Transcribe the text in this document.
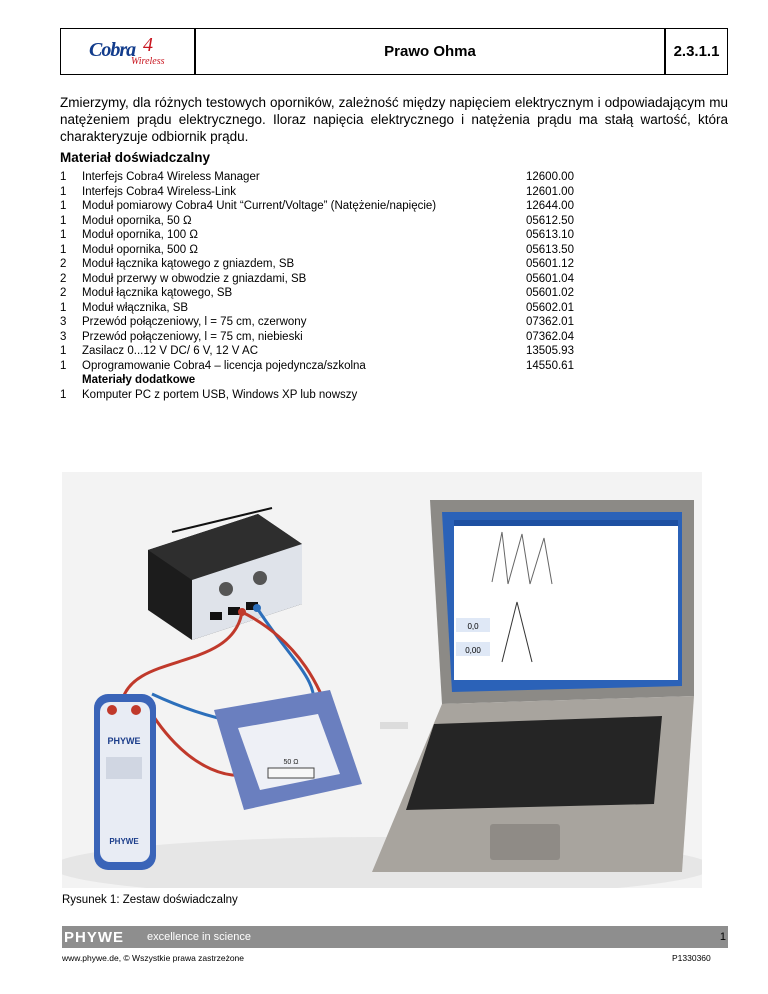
Cobra 4
Wireless
Prawo Ohma	2.3.1.1
Zmierzymy, dla różnych testowych oporników, zależność między napięciem elektrycznym i odpowiadającym mu natężeniem prądu elektrycznego. Iloraz napięcia elektrycznego i natężenia prądu ma stałą wartość, która charakteryzuje odbiornik prądu.
Materiał doświadczalny
1	Interfejs Cobra4 Wireless Manager	12600.00
1	Interfejs Cobra4 Wireless-Link	12601.00
1	Moduł pomiarowy Cobra4 Unit “Current/Voltage” (Natężenie/napięcie)	12644.00
1	Moduł opornika, 50 Ω	05612.50
1	Moduł opornika, 100 Ω	05613.10
1	Moduł opornika, 500 Ω	05613.50
2	Moduł łącznika kątowego z gniazdem, SB	05601.12
2	Moduł przerwy w obwodzie z gniazdami, SB	05601.04
2	Moduł łącznika kątowego, SB	05601.02
1	Moduł włącznika, SB	05602.01
3	Przewód połączeniowy, l = 75 cm, czerwony	07362.01
3	Przewód połączeniowy, l = 75 cm, niebieski	07362.04
1	Zasilacz 0...12 V DC/ 6 V, 12 V AC	13505.93
1	Oprogramowanie Cobra4 – licencja pojedyncza/szkolna	14550.61
Materiały dodatkowe
1	Komputer PC z portem USB, Windows XP lub nowszy
PHYWE
PHYWE
50 Ω
0,0
0,00
Rysunek 1: Zestaw doświadczalny
PHYWE excellence in science	1
www.phywe.de, © Wszystkie prawa zastrzeżone	P1330360
